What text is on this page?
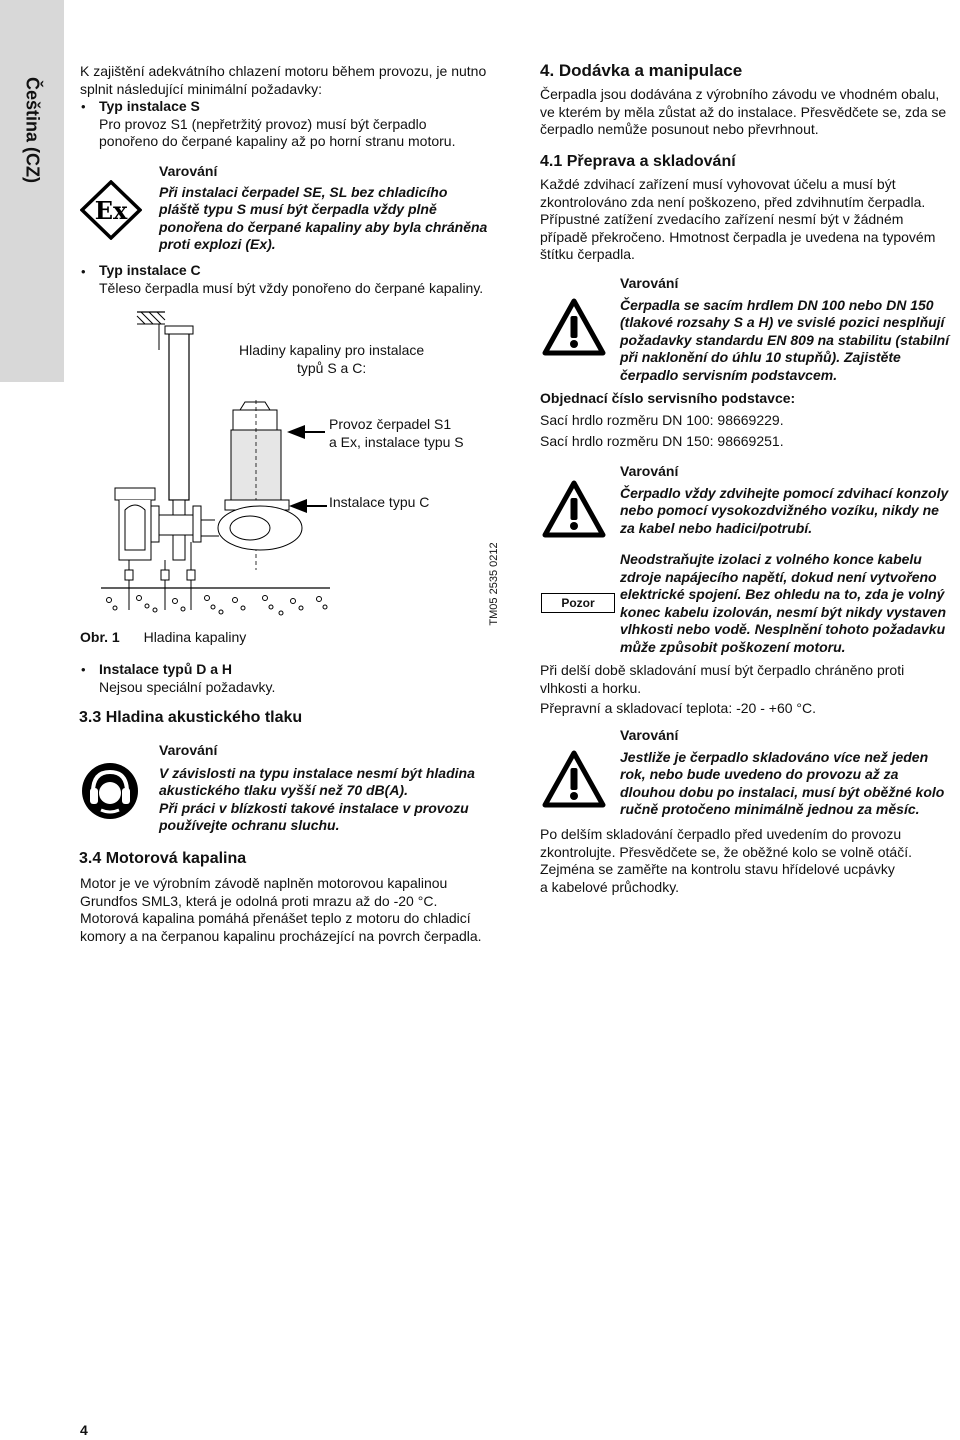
Čeština (CZ)

K zajištění adekvátního chlazení motoru během provozu, je nutno

splnit následující minimální požadavky:

• Typ instalace S

Pro provoz S1 (nepřetržitý provoz) musí být čerpadlo

ponořeno do čerpané kapaliny až po horní stranu motoru.

Ex

Varování

Při instalaci čerpadel SE, SL bez chladicího

pláště typu S musí být čerpadla vždy plně

ponořena do čerpané kapaliny aby byla chráněna

proti explozi (Ex).

• Typ instalace C

Těleso čerpadla musí být vždy ponořeno do čerpané kapaliny.

Hladiny kapaliny pro instalace

typů S a C:

Provoz čerpadel S1

a Ex, instalace typu S

Instalace typu C

TM05 2535 0212
Obr. 1 Hladina kapaliny
• Instalace typů D a H

Nejsou speciální požadavky.

3.3 Hladina akustického tlaku

Varování

V závislosti na typu instalace nesmí být hladina

akustického tlaku vyšší než 70 dB(A).

Při práci v blízkosti takové instalace v provozu

používejte ochranu sluchu.

3.4 Motorová kapalina

Motor je ve výrobním závodě naplněn motorovou kapalinou

Grundfos SML3, která je odolná proti mrazu až do -20 °C.

Motorová kapalina pomáhá přenášet teplo z motoru do chladicí

komory a na čerpanou kapalinu procházející na povrch čerpadla.

4. Dodávka a manipulace

Čerpadla jsou dodávána z výrobního závodu ve vhodném obalu,

ve kterém by měla zůstat až do instalace. Přesvědčete se, zda se

čerpadlo nemůže posunout nebo převrhnout.

4.1 Přeprava a skladování

Každé zdvihací zařízení musí vyhovovat účelu a musí být

zkontrolováno zda není poškozeno, před zdvihnutím čerpadla.

Přípustné zatížení zvedacího zařízení nesmí být v žádném

případě překročeno. Hmotnost čerpadla je uvedena na typovém

štítku čerpadla.

Varování

Čerpadla se sacím hrdlem DN 100 nebo DN 150

(tlakové rozsahy S a H) ve svislé pozici nesplňují

požadavky standardu EN 809 na stabilitu (stabilní

při naklonění do úhlu 10 stupňů). Zajistěte

čerpadlo servisním podstavcem.

Objednací číslo servisního podstavce:

Sací hrdlo rozměru DN 100: 98669229.

Sací hrdlo rozměru DN 150: 98669251.

Varování

Čerpadlo vždy zdvihejte pomocí zdvihací konzoly

nebo pomocí vysokozdvižného vozíku, nikdy ne

za kabel nebo hadici/potrubí.

Pozor

Neodstraňujte izolaci z volného konce kabelu

zdroje napájecího napětí, dokud není vytvořeno

elektrické spojení. Bez ohledu na to, zda je volný

konec kabelu izolován, nesmí být nikdy vystaven

vlhkosti nebo vodě. Nesplnění tohoto požadavku

může způsobit poškození motoru.

Při delší době skladování musí být čerpadlo chráněno proti

vlhkosti a horku.

Přepravní a skladovací teplota: -20 - +60 °C.

Varování

Jestliže je čerpadlo skladováno více než jeden

rok, nebo bude uvedeno do provozu až za

dlouhou dobu po instalaci, musí být oběžné kolo

ručně protočeno minimálně jednou za měsíc.

Po delším skladování čerpadlo před uvedením do provozu

zkontrolujte. Přesvědčete se, že oběžné kolo se volně otáčí.

Zejména se zaměřte na kontrolu stavu hřídelové ucpávky

a kabelové průchodky.

4
